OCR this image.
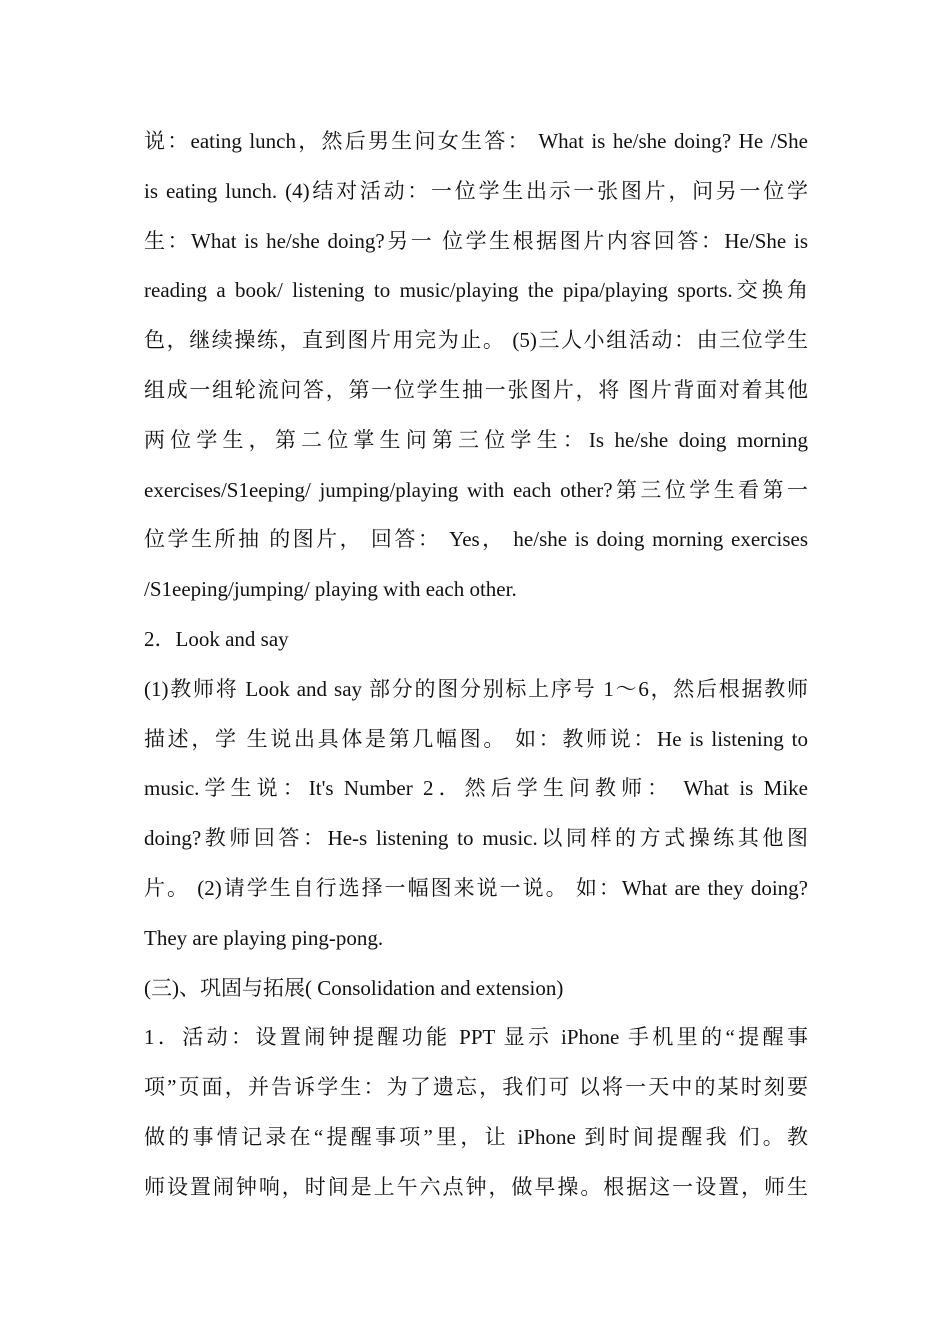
说：eating lunch，然后男生问女生答： What is he/she doing? He /She
is eating lunch. (4)结对活动：一位学生出示一张图片，问另一位学
生：What is he/she doing?另一 位学生根据图片内容回答：He/She is
reading a book/ listening to music/playing the pipa/playing sports.交换角
色，继续操练，直到图片用完为止。 (5)三人小组活动：由三位学生
组成一组轮流问答，第一位学生抽一张图片，将 图片背面对着其他
两位学生，第二位掌生问第三位学生：Is he/she doing morning
exercises/S1eeping/ jumping/playing with each other?第三位学生看第一
位学生所抽 的图片， 回答： Yes， he/she is doing morning exercises
/S1eeping/jumping/ playing with each other.
2．Look and say
(1)教师将 Look and say 部分的图分别标上序号 1～6，然后根据教师
描述，学 生说出具体是第几幅图。 如：教师说：He is listening to
music.学生说：It's Number 2．然后学生问教师： What is Mike
doing?教师回答：He-s listening to music.以同样的方式操练其他图
片。 (2)请学生自行选择一幅图来说一说。 如：What are they doing?
They are playing ping-pong.
(三)、巩固与拓展( Consolidation and extension)
1．活动：设置闹钟提醒功能 PPT 显示 iPhone 手机里的“提醒事
项”页面，并告诉学生：为了遗忘，我们可 以将一天中的某时刻要
做的事情记录在“提醒事项”里，让 iPhone 到时间提醒我 们。教
师设置闹钟响，时间是上午六点钟，做早操。根据这一设置，师生
